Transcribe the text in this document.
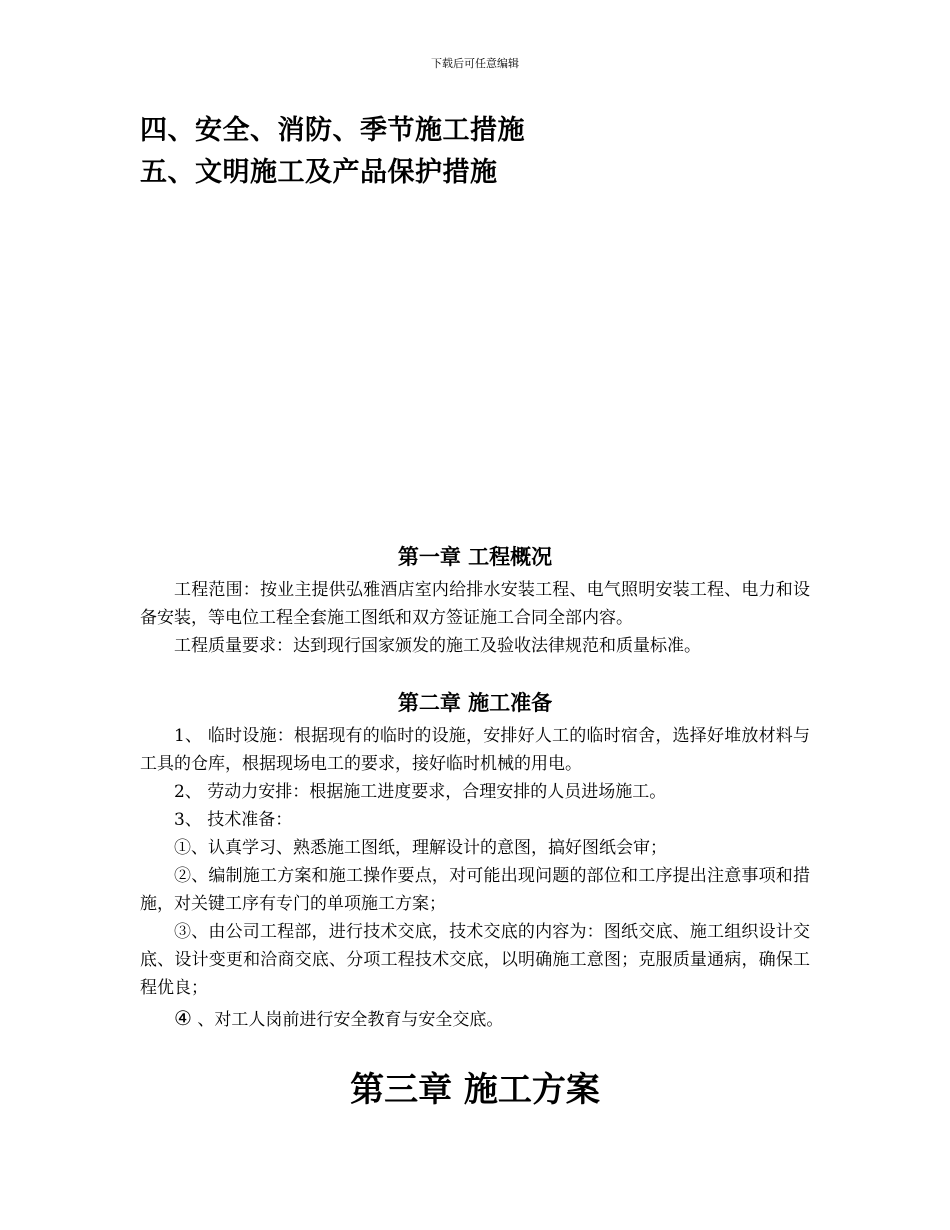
下载后可任意编辑
四、安全、消防、季节施工措施
五、文明施工及产品保护措施
第一章 工程概况
工程范围：按业主提供弘雅酒店室内给排水安装工程、电气照明安装工程、电力和设备安装，等电位工程全套施工图纸和双方签证施工合同全部内容。
工程质量要求：达到现行国家颁发的施工及验收法律规范和质量标准。
第二章 施工准备
1、 临时设施：根据现有的临时的设施，安排好人工的临时宿舍，选择好堆放材料与工具的仓库，根据现场电工的要求，接好临时机械的用电。
2、 劳动力安排：根据施工进度要求，合理安排的人员进场施工。
3、 技术准备：
①、认真学习、熟悉施工图纸，理解设计的意图，搞好图纸会审；
②、编制施工方案和施工操作要点，对可能出现问题的部位和工序提出注意事项和措施，对关键工序有专门的单项施工方案；
③、由公司工程部，进行技术交底，技术交底的内容为：图纸交底、施工组织设计交底、设计变更和洽商交底、分项工程技术交底，以明确施工意图；克服质量通病，确保工程优良；
④ 、对工人岗前进行安全教育与安全交底。
第三章 施工方案
